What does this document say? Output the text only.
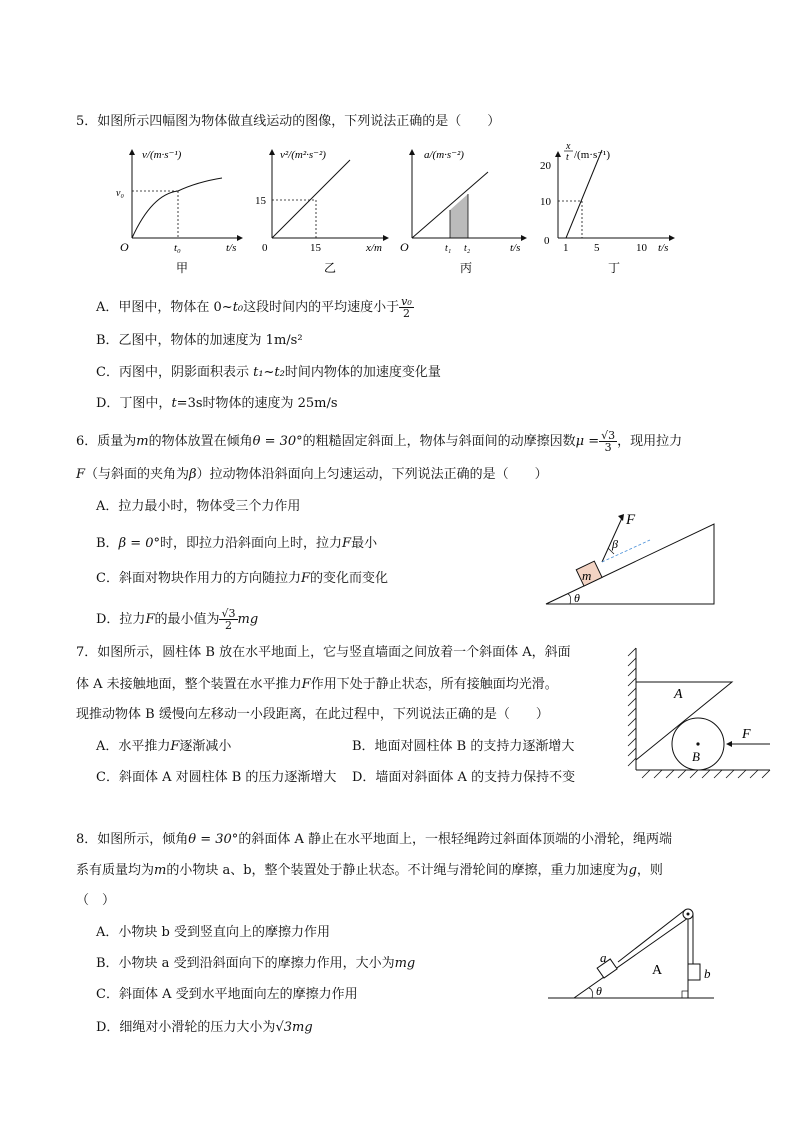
5．如图所示四幅图为物体做直线运动的图像，下列说法正确的是（　　）
v/(m·s⁻¹)
v₀
O	t₀	t/s
甲
v²/(m²·s⁻²)
15
0	15	x/m
乙
a/(m·s⁻²)
O	t₁ t₂	t/s
丙
x
t /(m·s⁻¹)
20
10
0
1 5	10 t/s
丁
A．甲图中，物体在 0~t₀这段时间内的平均速度小于 $\frac{\text{v₀}}{2}$
B．乙图中，物体的加速度为 1m/s²
C．丙图中，阴影面积表示 t₁~t₂时间内物体的加速度变化量
D．丁图中，t=3s时物体的速度为 25m/s
6．质量为m的物体放置在倾角θ = 30°的粗糙固定斜面上，物体与斜面间的动摩擦因数$\mu = \frac{√3}{3}$ ，现用拉力
F（与斜面的夹角为β）拉动物体沿斜面向上匀速运动，下列说法正确的是（　　）
A．拉力最小时，物体受三个力作用
B．β = 0°时，即拉力沿斜面向上时，拉力F最小
C．斜面对物块作用力的方向随拉力F的变化而变化
D．拉力F的最小值为 $\frac{√3}{2}$ mg
m
F
β
θ
7．如图所示，圆柱体 B 放在水平地面上，它与竖直墙面之间放着一个斜面体 A，斜面
体 A 未接触地面，整个装置在水平推力F作用下处于静止状态，所有接触面均光滑。
现推动物体 B 缓慢向左移动一小段距离，在此过程中，下列说法正确的是（　　）
A．水平推力F逐渐减小	B．地面对圆柱体 B 的支持力逐渐增大
C．斜面体 A 对圆柱体 B 的压力逐渐增大 D．墙面对斜面体 A 的支持力保持不变
A
B
F
8．如图所示，倾角θ = 30°的斜面体 A 静止在水平地面上，一根轻绳跨过斜面体顶端的小滑轮，绳两端
系有质量均为m的小物块 a、b，整个装置处于静止状态。不计绳与滑轮间的摩擦，重力加速度为g，则
（　）
A．小物块 b 受到竖直向上的摩擦力作用
B．小物块 a 受到沿斜面向下的摩擦力作用，大小为mg
C．斜面体 A 受到水平地面向左的摩擦力作用
D．细绳对小滑轮的压力大小为√3mg
a
A	b
θ
